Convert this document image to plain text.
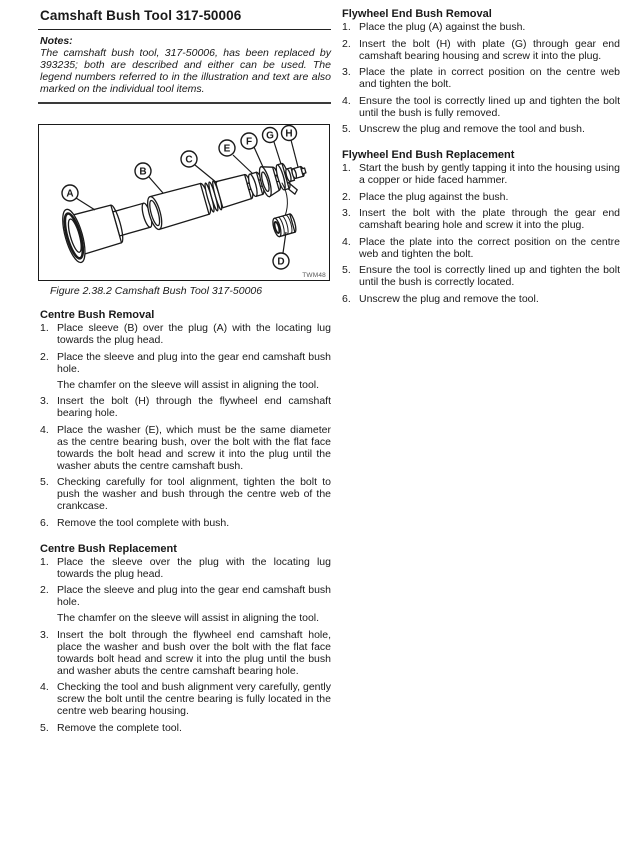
Camshaft Bush Tool 317-50006
Notes:
The camshaft bush tool, 317-50006, has been replaced by 393235; both are described and either can be used. The legend numbers referred to in the illustration and text are also marked on the individual tool items.
A
B
C
E
F
G H
D
TWM48
Figure 2.38.2 Camshaft Bush Tool 317-50006
Centre Bush Removal
1. Place sleeve (B) over the plug (A) with the locating lug towards the plug head.
2. Place the sleeve and plug into the gear end camshaft bush hole.
The chamfer on the sleeve will assist in aligning the tool.
3. Insert the bolt (H) through the flywheel end camshaft bearing hole.
4. Place the washer (E), which must be the same diameter as the centre bearing bush, over the bolt with the flat face towards the bolt head and screw it into the plug until the washer abuts the centre camshaft bush.
5. Checking carefully for tool alignment, tighten the bolt to push the washer and bush through the centre web of the crankcase.
6. Remove the tool complete with bush.
Centre Bush Replacement
1. Place the sleeve over the plug with the locating lug towards the plug head.
2. Place the sleeve and plug into the gear end camshaft bush hole.
The chamfer on the sleeve will assist in aligning the tool.
3. Insert the bolt through the flywheel end camshaft hole, place the washer and bush over the bolt with the flat face towards bolt head and screw it into the plug until the bush and washer abuts the centre camshaft bearing hole.
4. Checking the tool and bush alignment very carefully, gently screw the bolt until the centre bearing is fully located in the centre web bearing housing.
5. Remove the complete tool.
Flywheel End Bush Removal
1. Place the plug (A) against the bush.
2. Insert the bolt (H) with plate (G) through gear end camshaft bearing housing and screw it into the plug.
3. Place the plate in correct position on the centre web and tighten the bolt.
4. Ensure the tool is correctly lined up and tighten the bolt until the bush is fully removed.
5. Unscrew the plug and remove the tool and bush.
Flywheel End Bush Replacement
1. Start the bush by gently tapping it into the housing using a copper or hide faced hammer.
2. Place the plug against the bush.
3. Insert the bolt with the plate through the gear end camshaft bearing hole and screw it into the plug.
4. Place the plate into the correct position on the centre web and tighten the bolt.
5. Ensure the tool is correctly lined up and tighten the bolt until the bush is correctly located.
6. Unscrew the plug and remove the tool.
